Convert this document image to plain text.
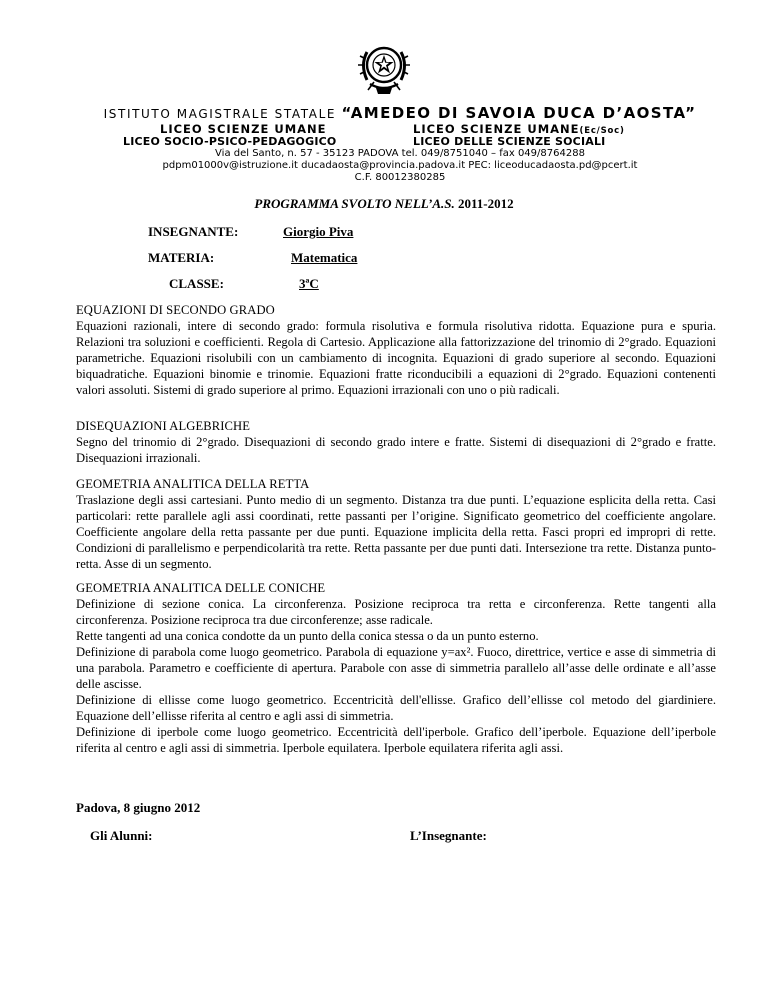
ISTITUTO MAGISTRALE STATALE “AMEDEO DI SAVOIA DUCA D’AOSTA”
LICEO SCIENZE UMANE	LICEO SCIENZE UMANE(Ec/Soc)
LICEO SOCIO-PSICO-PEDAGOGICO	LICEO DELLE SCIENZE SOCIALI
Via del Santo, n. 57 - 35123 PADOVA tel. 049/8751040 – fax 049/8764288
pdpm01000v@istruzione.it ducadaosta@provincia.padova.it PEC: liceoducadaosta.pd@pcert.it
C.F. 80012380285
PROGRAMMA SVOLTO NELL’A.S. 2011-2012
INSEGNANTE:	Giorgio Piva
MATERIA:	Matematica
CLASSE:	3ªC

EQUAZIONI DI SECONDO GRADO

Equazioni razionali, intere di secondo grado: formula risolutiva e formula risolutiva ridotta. Equazione pura e spuria. Relazioni tra soluzioni e coefficienti. Regola di Cartesio. Applicazione alla fattorizzazione del trinomio di 2°grado. Equazioni parametriche. Equazioni risolubili con un cambiamento di incognita. Equazioni di grado superiore al secondo. Equazioni biquadratiche. Equazioni binomie e trinomie. Equazioni fratte riconducibili a equazioni di 2°grado. Equazioni contenenti valori assoluti. Sistemi di grado superiore al primo. Equazioni irrazionali con uno o più radicali.

DISEQUAZIONI ALGEBRICHE

Segno del trinomio di 2°grado. Disequazioni di secondo grado intere e fratte. Sistemi di disequazioni di 2°grado e fratte. Disequazioni irrazionali.

GEOMETRIA ANALITICA DELLA RETTA

Traslazione degli assi cartesiani. Punto medio di un segmento. Distanza tra due punti. L’equazione esplicita della retta. Casi particolari: rette parallele agli assi coordinati, rette passanti per l’origine. Significato geometrico del coefficiente angolare. Coefficiente angolare della retta passante per due punti. Equazione implicita della retta. Fasci propri ed impropri di rette. Condizioni di parallelismo e perpendicolarità tra rette. Retta passante per due punti dati. Intersezione tra rette. Distanza punto-retta. Asse di un segmento.

GEOMETRIA ANALITICA DELLE CONICHE

Definizione di sezione conica. La circonferenza. Posizione reciproca tra retta e circonferenza. Rette tangenti alla circonferenza. Posizione reciproca tra due circonferenze; asse radicale.

Rette tangenti ad una conica condotte da un punto della conica stessa o da un punto esterno.

Definizione di parabola come luogo geometrico. Parabola di equazione y=ax². Fuoco, direttrice, vertice e asse di simmetria di una parabola. Parametro e coefficiente di apertura. Parabole con asse di simmetria parallelo all’asse delle ordinate e all’asse delle ascisse.

Definizione di ellisse come luogo geometrico. Eccentricità dell'ellisse. Grafico dell’ellisse col metodo del giardiniere. Equazione dell’ellisse riferita al centro e agli assi di simmetria.

Definizione di iperbole come luogo geometrico. Eccentricità dell'iperbole. Grafico dell’iperbole. Equazione dell’iperbole riferita al centro e agli assi di simmetria. Iperbole equilatera. Iperbole equilatera riferita agli assi.

Padova, 8 giugno 2012
Gli Alunni:	L’Insegnante:
